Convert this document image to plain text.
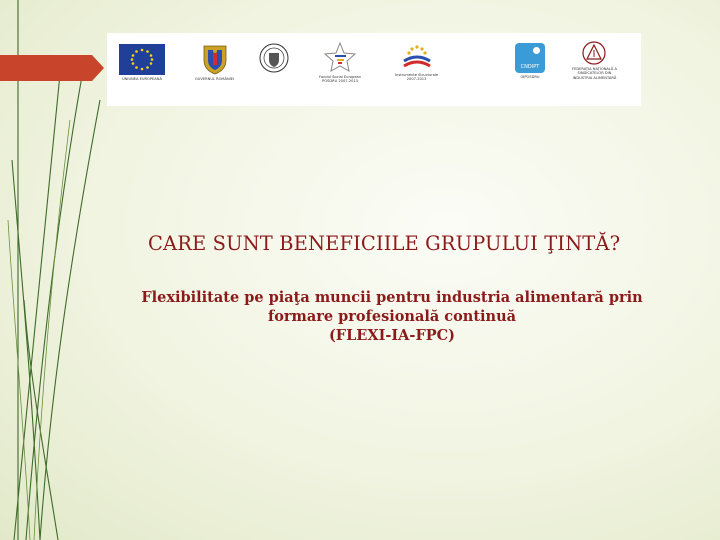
UNIUNEA EUROPEANĂ	GUVERNUL ROMÂNIEI	Fondul Social European
POSDRU 2007-2013
Instrumente Structurale
2007-2013
CNDIPT
OIPOSDRU
FEDERAŢIA NAŢIONALĂ A
SINDICATELOR DIN
INDUSTRIA ALIMENTARĂ
CARE SUNT BENEFICIILE GRUPULUI ŢINTĂ?
Flexibilitate pe piaţa muncii pentru industria alimentară prin
formare profesională continuă
(FLEXI-IA-FPC)
